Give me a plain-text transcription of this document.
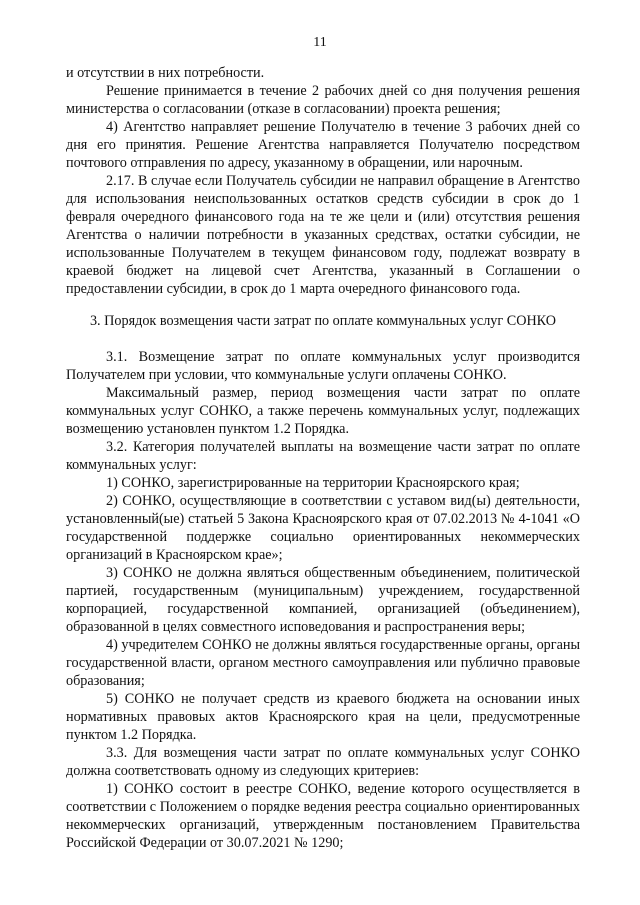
11

и отсутствии в них потребности.

Решение принимается в течение 2 рабочих дней со дня получения решения министерства о согласовании (отказе в согласовании) проекта решения;

4) Агентство направляет решение Получателю в течение 3 рабочих дней со дня его принятия. Решение Агентства направляется Получателю посредством почтового отправления по адресу, указанному в обращении, или нарочным.

2.17. В случае если Получатель субсидии не направил обращение в Агентство для использования неиспользованных остатков средств субсидии в срок до 1 февраля очередного финансового года на те же цели и (или) отсутствия решения Агентства о наличии потребности в указанных средствах, остатки субсидии, не использованные Получателем в текущем финансовом году, подлежат возврату в краевой бюджет на лицевой счет Агентства, указанный в Соглашении о предоставлении субсидии, в срок до 1 марта очередного финансового года.

3. Порядок возмещения части затрат по оплате коммунальных услуг СОНКО

3.1. Возмещение затрат по оплате коммунальных услуг производится Получателем при условии, что коммунальные услуги оплачены СОНКО.

Максимальный размер, период возмещения части затрат по оплате коммунальных услуг СОНКО, а также перечень коммунальных услуг, подлежащих возмещению установлен пунктом 1.2 Порядка.

3.2. Категория получателей выплаты на возмещение части затрат по оплате коммунальных услуг:

1) СОНКО, зарегистрированные на территории Красноярского края;

2) СОНКО, осуществляющие в соответствии с уставом вид(ы) деятельности, установленный(ые) статьей 5 Закона Красноярского края от 07.02.2013 № 4-1041 «О государственной поддержке социально ориентированных некоммерческих организаций в Красноярском крае»;

3) СОНКО не должна являться общественным объединением, политической партией, государственным (муниципальным) учреждением, государственной корпорацией, государственной компанией, организацией (объединением), образованной в целях совместного исповедования и распространения веры;

4) учредителем СОНКО не должны являться государственные органы, органы государственной власти, органом местного самоуправления или публично правовые образования;

5) СОНКО не получает средств из краевого бюджета на основании иных нормативных правовых актов Красноярского края на цели, предусмотренные пунктом 1.2 Порядка.

3.3. Для возмещения части затрат по оплате коммунальных услуг СОНКО должна соответствовать одному из следующих критериев:

1) СОНКО состоит в реестре СОНКО, ведение которого осуществляется в соответствии с Положением о порядке ведения реестра социально ориентированных некоммерческих организаций, утвержденным постановлением Правительства Российской Федерации от 30.07.2021 № 1290;
